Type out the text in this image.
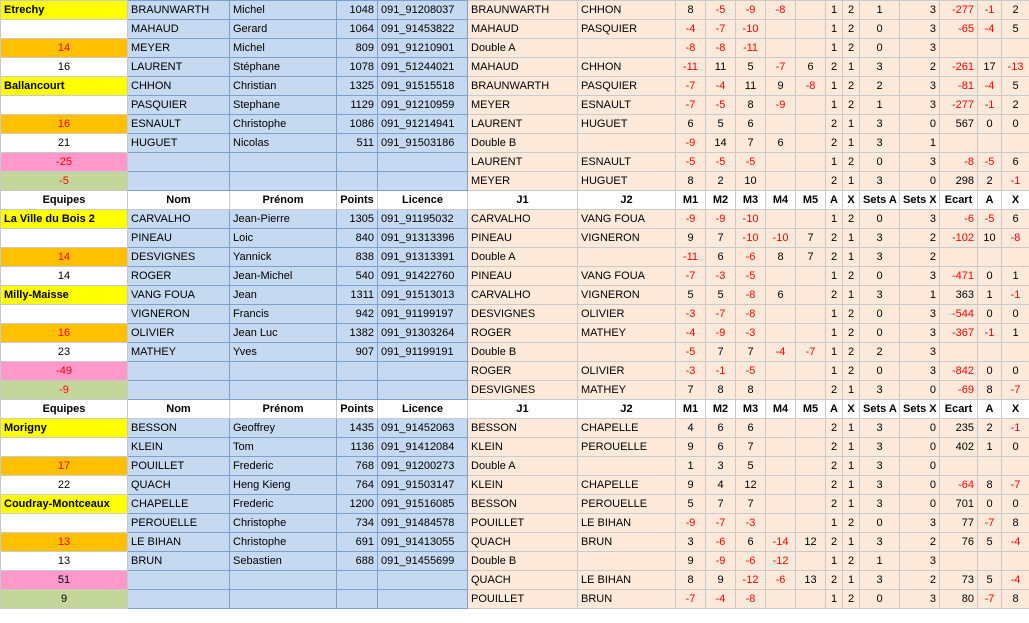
Etrechy	BRAUNWARTH	Michel	1048	091_91208037	BRAUNWARTH	CHHON	8	-5	-9	-8		1	2	1	3	-277	-1	2
	MAHAUD	Gerard	1064	091_91453822	MAHAUD	PASQUIER	-4	-7	-10			1	2	0	3	-65	-4	5
14	MEYER	Michel	809	091_91210901	Double A		-8	-8	-11			1	2	0	3			
16	LAURENT	Stéphane	1078	091_51244021	MAHAUD	CHHON	-11	11	5	-7	6	2	1	3	2	-261	17	-13
Ballancourt	CHHON	Christian	1325	091_91515518	BRAUNWARTH	PASQUIER	-7	-4	11	9	-8	1	2	2	3	-81	-4	5
	PASQUIER	Stephane	1129	091_91210959	MEYER	ESNAULT	-7	-5	8	-9		1	2	1	3	-277	-1	2
16	ESNAULT	Christophe	1086	091_91214941	LAURENT	HUGUET	6	5	6			2	1	3	0	567	0	0
21	HUGUET	Nicolas	511	091_91503186	Double B		-9	14	7	6		2	1	3	1			
-25					LAURENT	ESNAULT	-5	-5	-5			1	2	0	3	-8	-5	6
-5					MEYER	HUGUET	8	2	10			2	1	3	0	298	2	-1
Equipes	Nom	Prénom	Points	Licence	J1	J2	M1	M2	M3	M4	M5	A	X	Sets A	Sets X	Ecart	A	X
La Ville du Bois 2	CARVALHO	Jean-Pierre	1305	091_91195032	CARVALHO	VANG FOUA	-9	-9	-10			1	2	0	3	-6	-5	6
	PINEAU	Loic	840	091_91313396	PINEAU	VIGNERON	9	7	-10	-10	7	2	1	3	2	-102	10	-8
14	DESVIGNES	Yannick	838	091_91313391	Double A		-11	6	-6	8	7	2	1	3	2			
14	ROGER	Jean-Michel	540	091_91422760	PINEAU	VANG FOUA	-7	-3	-5			1	2	0	3	-471	0	1
Milly-Maisse	VANG FOUA	Jean	1311	091_91513013	CARVALHO	VIGNERON	5	5	-8	6		2	1	3	1	363	1	-1
	VIGNERON	Francis	942	091_91199197	DESVIGNES	OLIVIER	-3	-7	-8			1	2	0	3	-544	0	0
16	OLIVIER	Jean Luc	1382	091_91303264	ROGER	MATHEY	-4	-9	-3			1	2	0	3	-367	-1	1
23	MATHEY	Yves	907	091_91199191	Double B		-5	7	7	-4	-7	1	2	2	3			
-49					ROGER	OLIVIER	-3	-1	-5			1	2	0	3	-842	0	0
-9					DESVIGNES	MATHEY	7	8	8			2	1	3	0	-69	8	-7
Equipes	Nom	Prénom	Points	Licence	J1	J2	M1	M2	M3	M4	M5	A	X	Sets A	Sets X	Ecart	A	X
Morigny	BESSON	Geoffrey	1435	091_91452063	BESSON	CHAPELLE	4	6	6			2	1	3	0	235	2	-1
	KLEIN	Tom	1136	091_91412084	KLEIN	PEROUELLE	9	6	7			2	1	3	0	402	1	0
17	POUILLET	Frederic	768	091_91200273	Double A		1	3	5			2	1	3	0			
22	QUACH	Heng Kieng	764	091_91503147	KLEIN	CHAPELLE	9	4	12			2	1	3	0	-64	8	-7
Coudray-Montceaux	CHAPELLE	Frederic	1200	091_91516085	BESSON	PEROUELLE	5	7	7			2	1	3	0	701	0	0
	PEROUELLE	Christophe	734	091_91484578	POUILLET	LE BIHAN	-9	-7	-3			1	2	0	3	77	-7	8
13	LE BIHAN	Christophe	691	091_91413055	QUACH	BRUN	3	-6	6	-14	12	2	1	3	2	76	5	-4
13	BRUN	Sebastien	688	091_91455699	Double B		9	-9	-6	-12		1	2	1	3			
51					QUACH	LE BIHAN	8	9	-12	-6	13	2	1	3	2	73	5	-4
9					POUILLET	BRUN	-7	-4	-8			1	2	0	3	80	-7	8
